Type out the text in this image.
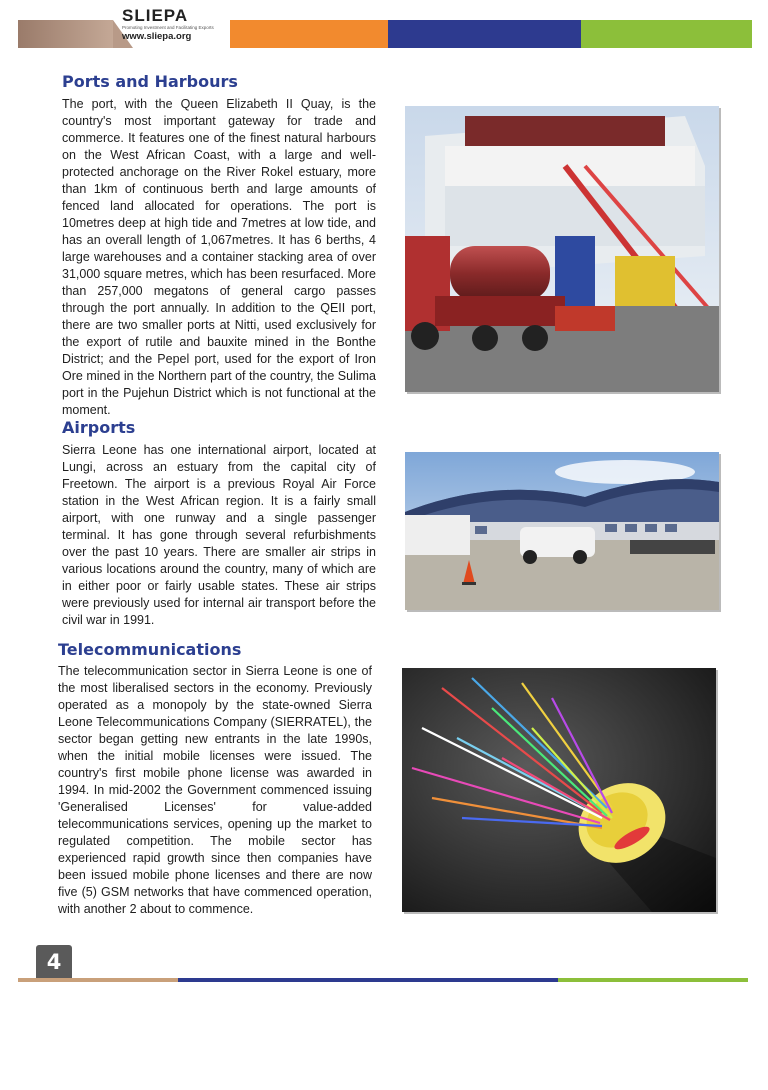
SLIEPA
Promoting Investment and Facilitating Exports
www.sliepa.org
Ports and Harbours

The port, with the Queen Elizabeth II Quay, is the country's most important gateway for trade and commerce. It features one of the finest natural harbours on the West African Coast, with a large and well-protected anchorage on the River Rokel estuary, more than 1km of continuous berth and large amounts of fenced land allocated for operations. The port is 10metres deep at high tide and 7metres at low tide, and has an overall length of 1,067metres. It has 6 berths, 4 large warehouses and a container stacking area of over 31,000 square metres, which has been resurfaced. More than 257,000 megatons of general cargo passes through the port annually. In addition to the QEII port, there are two smaller ports at Nitti, used exclusively for the export of rutile and bauxite mined in the Bonthe District; and the Pepel port, used for the export of Iron Ore mined in the Northern part of the country, the Sulima port in the Pujehun District which is not functional at the moment.

Airports

Sierra Leone has one international airport, located at Lungi, across an estuary from the capital city of Freetown. The airport is a previous Royal Air Force station in the West African region. It is a fairly small airport, with one runway and a single passenger terminal. It has gone through several refurbishments over the past 10 years. There are smaller air strips in various locations around the country, many of which are in either poor or fairly usable states. These air strips were previously used for internal air transport before the civil war in 1991.

Telecommunications

The telecommunication sector in Sierra Leone is one of the most liberalised sectors in the economy. Previously operated as a monopoly by the state-owned Sierra Leone Telecommunications Company (SIERRATEL), the sector began getting new entrants in the late 1990s, when the initial mobile licenses were issued. The country's first mobile phone license was awarded in 1994. In mid-2002 the Government commenced issuing 'Generalised Licenses' for value-added telecommunications services, opening up the market to regulated competition. The mobile sector has experienced rapid growth since then companies have been issued mobile phone licenses and there are now five (5) GSM networks that have commenced operation, with another 2 about to commence.

4
